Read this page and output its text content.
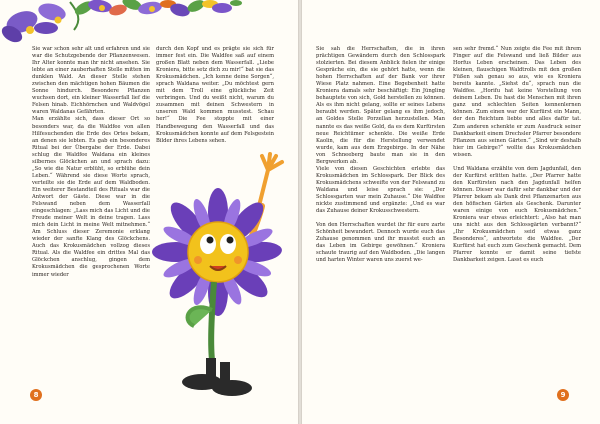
Sie war schon sehr alt und erfahren und sie war die Schutzgebende der Pflanzenwesen. Ihr Alter konnte man ihr nicht ansehen. Sie lebte an einer zauberhaften Stelle mitten im dunklen Wald. An dieser Stelle stehen zwischen den mächtigen hohen Bäumen die Sonne hindurch. Besondere Pflanzen wuchsen dort, ein kleiner Wasserfall lief die Felsen hinab. Eichhörnchen und Waldvögel waren Waldanas Gefährten.

Man erzählte sich, dass dieser Ort so besonders war, da die Waldfee von allen Hilfesuchenden die Erde des Ortes bekam, an denen sie lebten. Es gab ein besonderes Ritual bei der Übergabe der Erde. Dabei schlug die Waldfee Waldana ein kleines silbernes Glöckchen an und sprach dazu: „So wie die Natur erblüht, so erblühe dein Leben.“ Während sie diese Worte sprach, verteilte sie die Erde auf dem Waldboden. Ein weiterer Bestandteil des Rituals war die Antwort der Gäste. Diese war in die Felswand neben dem Wasserfall eingeschlagen: „Lass mich das Licht und die Freude meiner Welt in deine tragen. Lass mich dein Licht in meine Welt mitnehmen.“ Am Schluss dieser Zeremonie erklang wieder der sanfte Klang des Glöckchens. Auch das Krokusmädchen vollzog dieses Ritual. Als die Waldfee ein drittes Mal das Glöckchen anschlug, gingen dem Krokusmädchen die gesprochenen Worte immer wieder

durch den Kopf und es prägte sie sich für immer fest ein. Die Waldfee saß auf einem großen Blatt neben dem Wasserfall. „Liebe Kroniera, bitte setz dich zu mir!“ bat sie das Krokusmädchen. „Ich kenne deine Sorgen“, sprach Waldana weiter. „Du möchtest gern mit dem Troll eine glückliche Zeit verbringen. Und du weißt nicht, warum du zusammen mit deinen Schwestern in unseren Wald kommen musstest. Schau her!“ Die Fee stoppte mit einer Handbewegung den Wasserfall und das Krokusmädchen konnte auf dem Felsgestein Bilder ihres Lebens sehen.

8

Sie sah die Herrschaften, die in ihren prächtigen Gewändern durch den Schlosspark stolzierten. Bei diesem Anblick fielen ihr einige Gespräche ein, die sie gehört hatte, wenn die hohen Herrschaften auf der Bank vor ihrer Wiese Platz nahmen. Eine Begebenheit hatte Kroniera damals sehr beschäftigt: Ein Jüngling behauptete von sich, Gold herstellen zu können. Als es ihm nicht gelang, sollte er seines Lebens beraubt werden. Später gelang es ihm jedoch, an Goldes Stelle Porzellan herzustellen. Man nannte es das weiße Gold, da es dem Kurfürsten neue Reichtümer schenkte. Die weiße Erde Kaolin, die für die Herstellung verwendet wurde, kam aus dem Erzgebirge. In der Nähe von Schneeberg baute man sie in den Bergwerken ab.

Viele von diesen Geschichten erlebte das Krokusmädchen im Schlosspark. Der Blick des Krokusmädchens schweifte von der Felswand zu Waldana und leise sprach sie: „Der Schlossgarten war mein Zuhause.“ Die Waldfee nickte zustimmend und ergänzte: „Und es war das Zuhause deiner Krokusschwestern.

Von den Herrschaften wurdet ihr für eure zarte Schönheit bewundert. Dennoch wurde euch das Zuhause genommen und ihr musstet euch an das Leben im Gebirge gewöhnen.“ Kroniera schaute traurig auf den Waldboden. „Die langen und harten Winter waren uns zuerst we-

sen sehr fremd.“ Nun zeigte die Fee mit ihrem Finger auf die Felswand und ließ Bilder aus Horfus Leben erscheinen. Das Leben des kleinen, flauschigen Waldtrolls mit den großen Füßen sah genau so aus, wie es Kroniera bereits kannte. „Siehst du“, sprach nun die Waldfee. „Horifu hat keine Vorstellung von deinem Leben. Du hast die Menschen mit ihren ganz und schlechten Seiten kennenlernen können. Zum einen war der Kurfürst ein Mann, der den Reichtum liebte und alles dafür tat. Zum anderen schenkte er zum Ausdruck seiner Dankbarkeit einem Drechsler Pfarrer besondere Pflanzen aus seinen Gärten.“ „Sind wir deshalb hier im Gebirge?“ wollte das Krokusmädchen wissen.

Und Waldana erzählte von dem Jagdunfall, den der Kurfürst erlitten hatte. „Der Pfarrer hatte den Kurfürsten nach den Jagdunfall helfen können. Dieser war dafür sehr dankbar und der Pfarrer bekam als Dank drei Pflanzenarten aus den höfischen Gärten als Geschenk. Darunter waren einige von euch Krokusmädchen.“ Kroniera war etwas erleichtert: „Also hat man uns nicht aus den Schlossgärten verbannt?“ „Ihr Krokusmädchen seid etwas ganz Besonderes“, antwortete die Waldfee. „Der Kurfürst hat euch zum Geschenk gemacht. Dem Pfarrer konnte er damit seine tiefste Dankbarkeit zeigen. Lasst es euch

9
